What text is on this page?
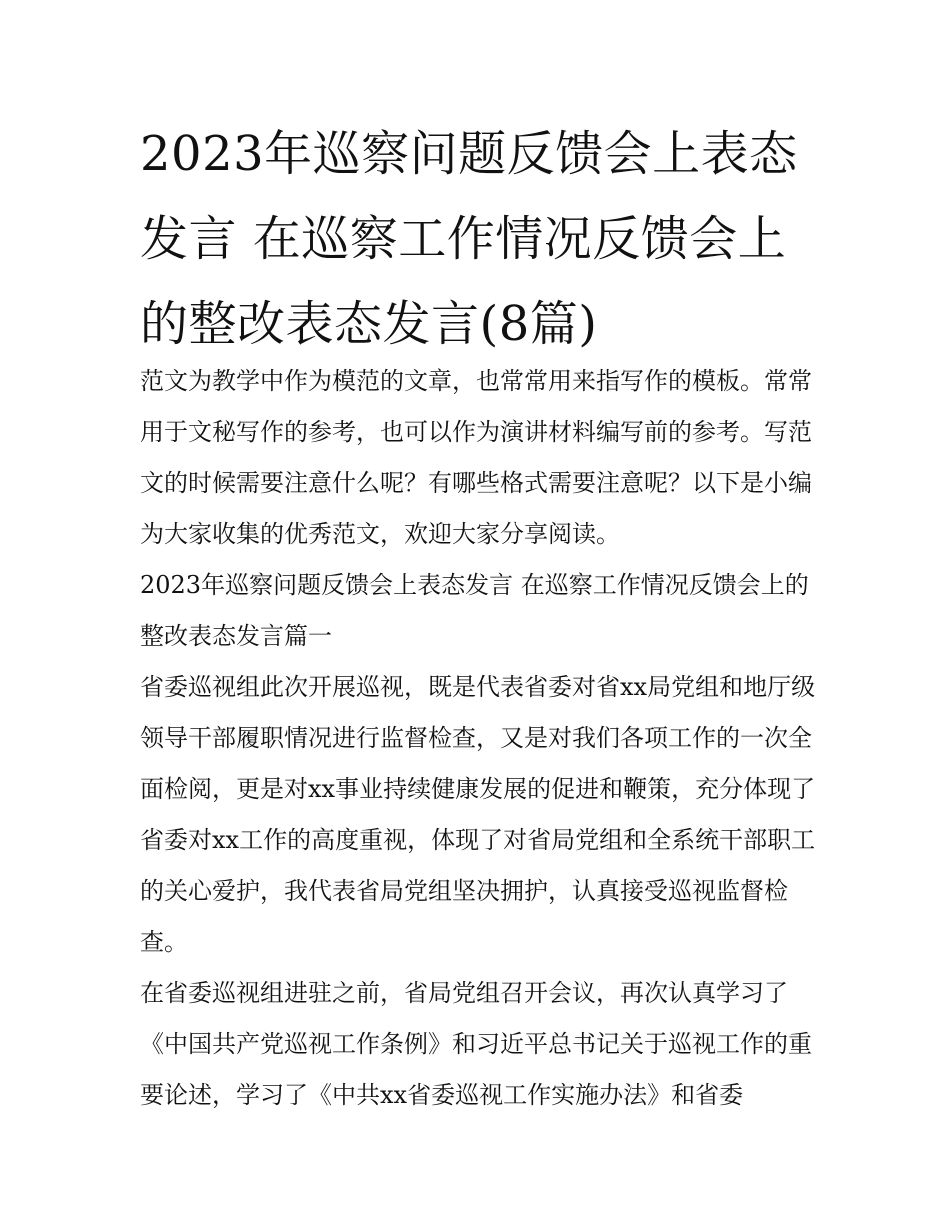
2023年巡察问题反馈会上表态发言 在巡察工作情况反馈会上的整改表态发言(8篇)

范文为教学中作为模范的文章，也常常用来指写作的模板。常常用于文秘写作的参考，也可以作为演讲材料编写前的参考。写范文的时候需要注意什么呢？有哪些格式需要注意呢？以下是小编为大家收集的优秀范文，欢迎大家分享阅读。

2023年巡察问题反馈会上表态发言 在巡察工作情况反馈会上的整改表态发言篇一

省委巡视组此次开展巡视，既是代表省委对省xx局党组和地厅级领导干部履职情况进行监督检查，又是对我们各项工作的一次全面检阅，更是对xx事业持续健康发展的促进和鞭策，充分体现了省委对xx工作的高度重视，体现了对省局党组和全系统干部职工的关心爱护，我代表省局党组坚决拥护，认真接受巡视监督检查。

在省委巡视组进驻之前，省局党组召开会议，再次认真学习了《中国共产党巡视工作条例》和习近平总书记关于巡视工作的重要论述，学习了《中共xx省委巡视工作实施办法》和省委
